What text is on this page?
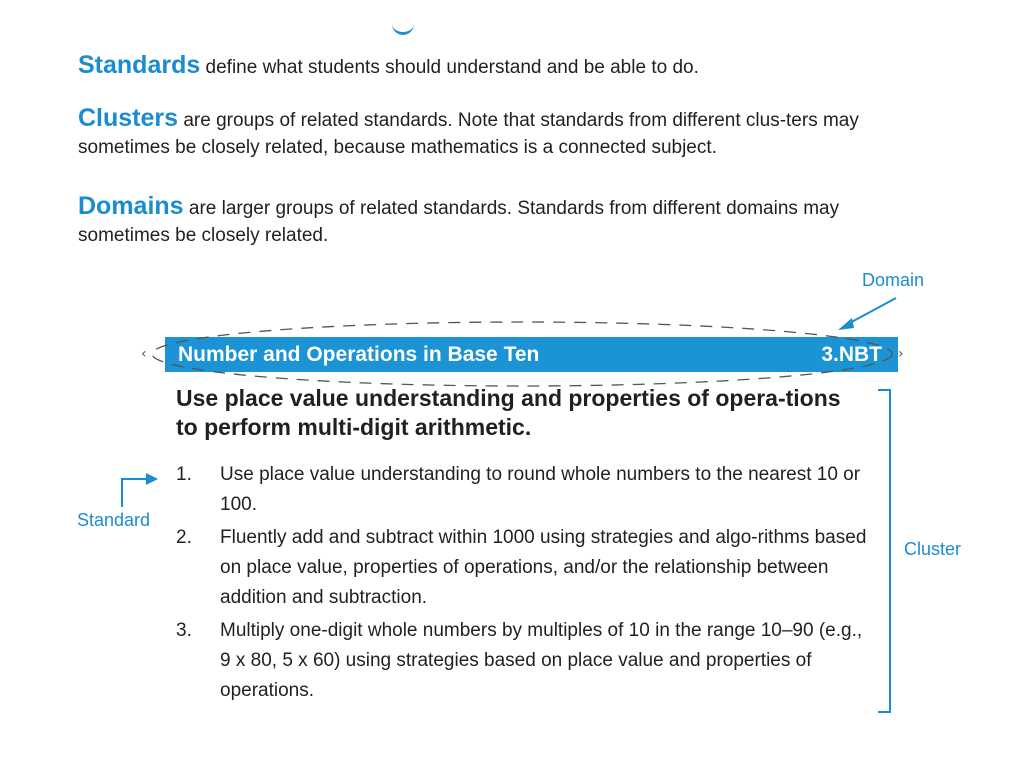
Standards define what students should understand and be able to do.

Clusters are groups of related standards. Note that standards from different clus-ters may sometimes be closely related, because mathematics is a connected subject.

Domains are larger groups of related standards. Standards from different domains may sometimes be closely related.

Domain
Standard
Cluster
‹	›
Number and Operations in Base Ten	3.NBT
Use place value understanding and properties of opera-tions to perform multi-digit arithmetic.
1. Use place value understanding to round whole numbers to the nearest 10 or 100.
2. Fluently add and subtract within 1000 using strategies and algo-rithms based on place value, properties of operations, and/or the relationship between addition and subtraction.
3. Multiply one-digit whole numbers by multiples of 10 in the range 10–90 (e.g., 9 x 80, 5 x 60) using strategies based on place value and properties of operations.
